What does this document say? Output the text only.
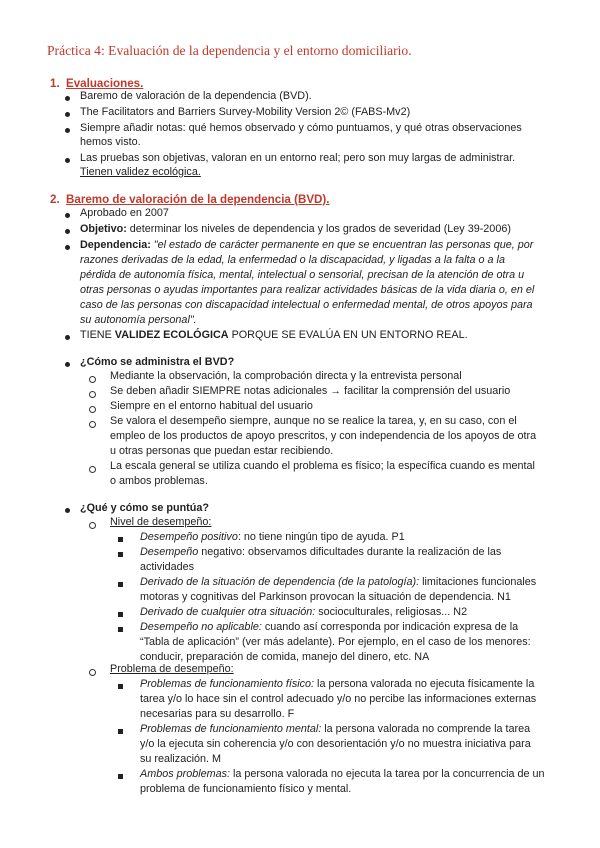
Práctica 4: Evaluación de la dependencia y el entorno domiciliario.
1. Evaluaciones.
Baremo de valoración de la dependencia (BVD).
The Facilitators and Barriers Survey-Mobility Version 2© (FABS-Mv2)
Siempre añadir notas: qué hemos observado y cómo puntuamos, y qué otras observaciones
hemos visto.
Las pruebas son objetivas, valoran en un entorno real; pero son muy largas de administrar.
Tienen validez ecológica.
2. Baremo de valoración de la dependencia (BVD).
Aprobado en 2007
Objetivo: determinar los niveles de dependencia y los grados de severidad (Ley 39-2006)
Dependencia: "el estado de carácter permanente en que se encuentran las personas que, por
razones derivadas de la edad, la enfermedad o la discapacidad, y ligadas a la falta o a la
pérdida de autonomía física, mental, intelectual o sensorial, precisan de la atención de otra u
otras personas o ayudas importantes para realizar actividades básicas de la vida diaria o, en el
caso de las personas con discapacidad intelectual o enfermedad mental, de otros apoyos para
su autonomía personal".
TIENE VALIDEZ ECOLÓGICA PORQUE SE EVALÚA EN UN ENTORNO REAL.
¿Cómo se administra el BVD?
Mediante la observación, la comprobación directa y la entrevista personal
Se deben añadir SIEMPRE notas adicionales → facilitar la comprensión del usuario
Siempre en el entorno habitual del usuario
Se valora el desempeño siempre, aunque no se realice la tarea, y, en su caso, con el
empleo de los productos de apoyo prescritos, y con independencia de los apoyos de otra
u otras personas que puedan estar recibiendo.
La escala general se utiliza cuando el problema es físico; la específica cuando es mental
o ambos problemas.
¿Qué y cómo se puntúa?
Nivel de desempeño:
Desempeño positivo: no tiene ningún tipo de ayuda. P1
Desempeño negativo: observamos dificultades durante la realización de las
actividades
Derivado de la situación de dependencia (de la patología): limitaciones funcionales
motoras y cognitivas del Parkinson provocan la situación de dependencia. N1
Derivado de cualquier otra situación: socioculturales, religiosas... N2
Desempeño no aplicable: cuando así corresponda por indicación expresa de la
“Tabla de aplicación” (ver más adelante). Por ejemplo, en el caso de los menores:
conducir, preparación de comida, manejo del dinero, etc. NA
Problema de desempeño:
Problemas de funcionamiento físico: la persona valorada no ejecuta físicamente la
tarea y/o lo hace sin el control adecuado y/o no percibe las informaciones externas
necesarias para su desarrollo. F
Problemas de funcionamiento mental: la persona valorada no comprende la tarea
y/o la ejecuta sin coherencia y/o con desorientación y/o no muestra iniciativa para
su realización. M
Ambos problemas: la persona valorada no ejecuta la tarea por la concurrencia de un
problema de funcionamiento físico y mental.
